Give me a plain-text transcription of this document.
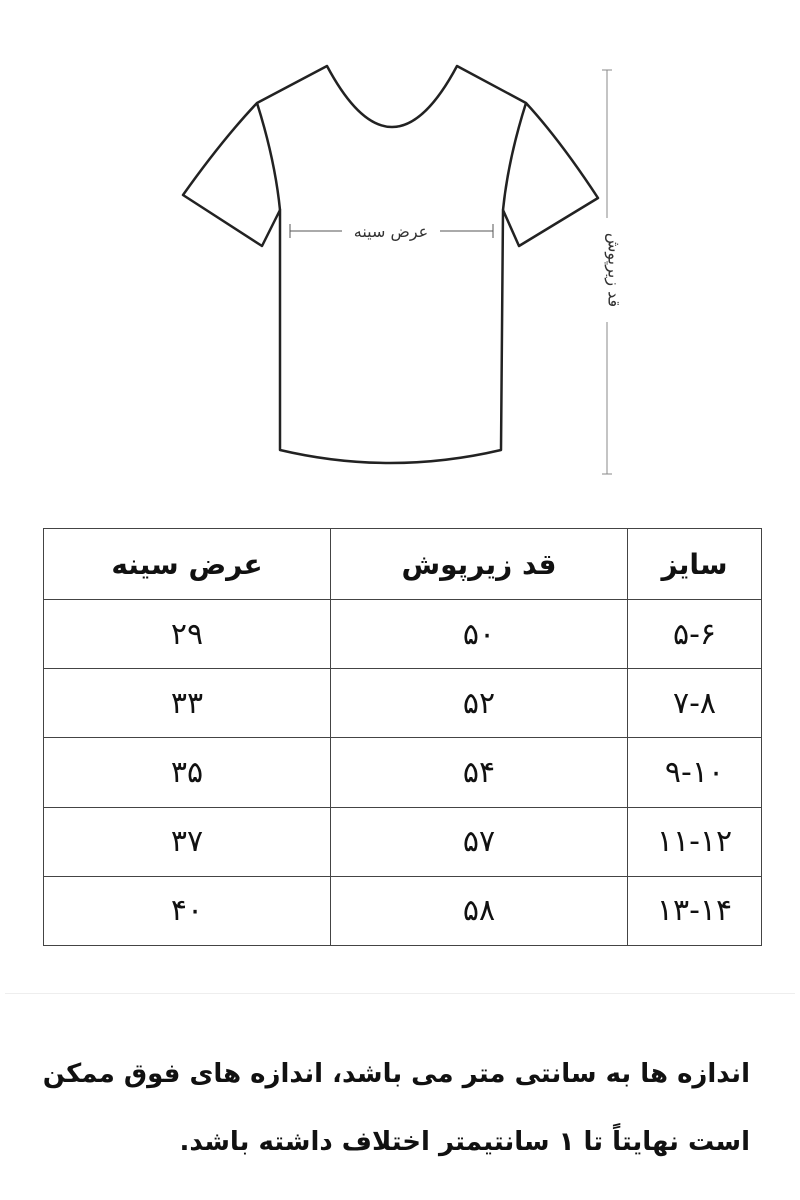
عرض سینه
قد زیرپوش
سایز	قد زیرپوش	عرض سینه
۵-۶	۵۰	۲۹
۷-۸	۵۲	۳۳
۹-۱۰	۵۴	۳۵
۱۱-۱۲	۵۷	۳۷
۱۳-۱۴	۵۸	۴۰

اندازه ها به سانتی متر می باشد، اندازه های فوق ممکن

است نهایتاً تا ۱ سانتیمتر اختلاف داشته باشد.
